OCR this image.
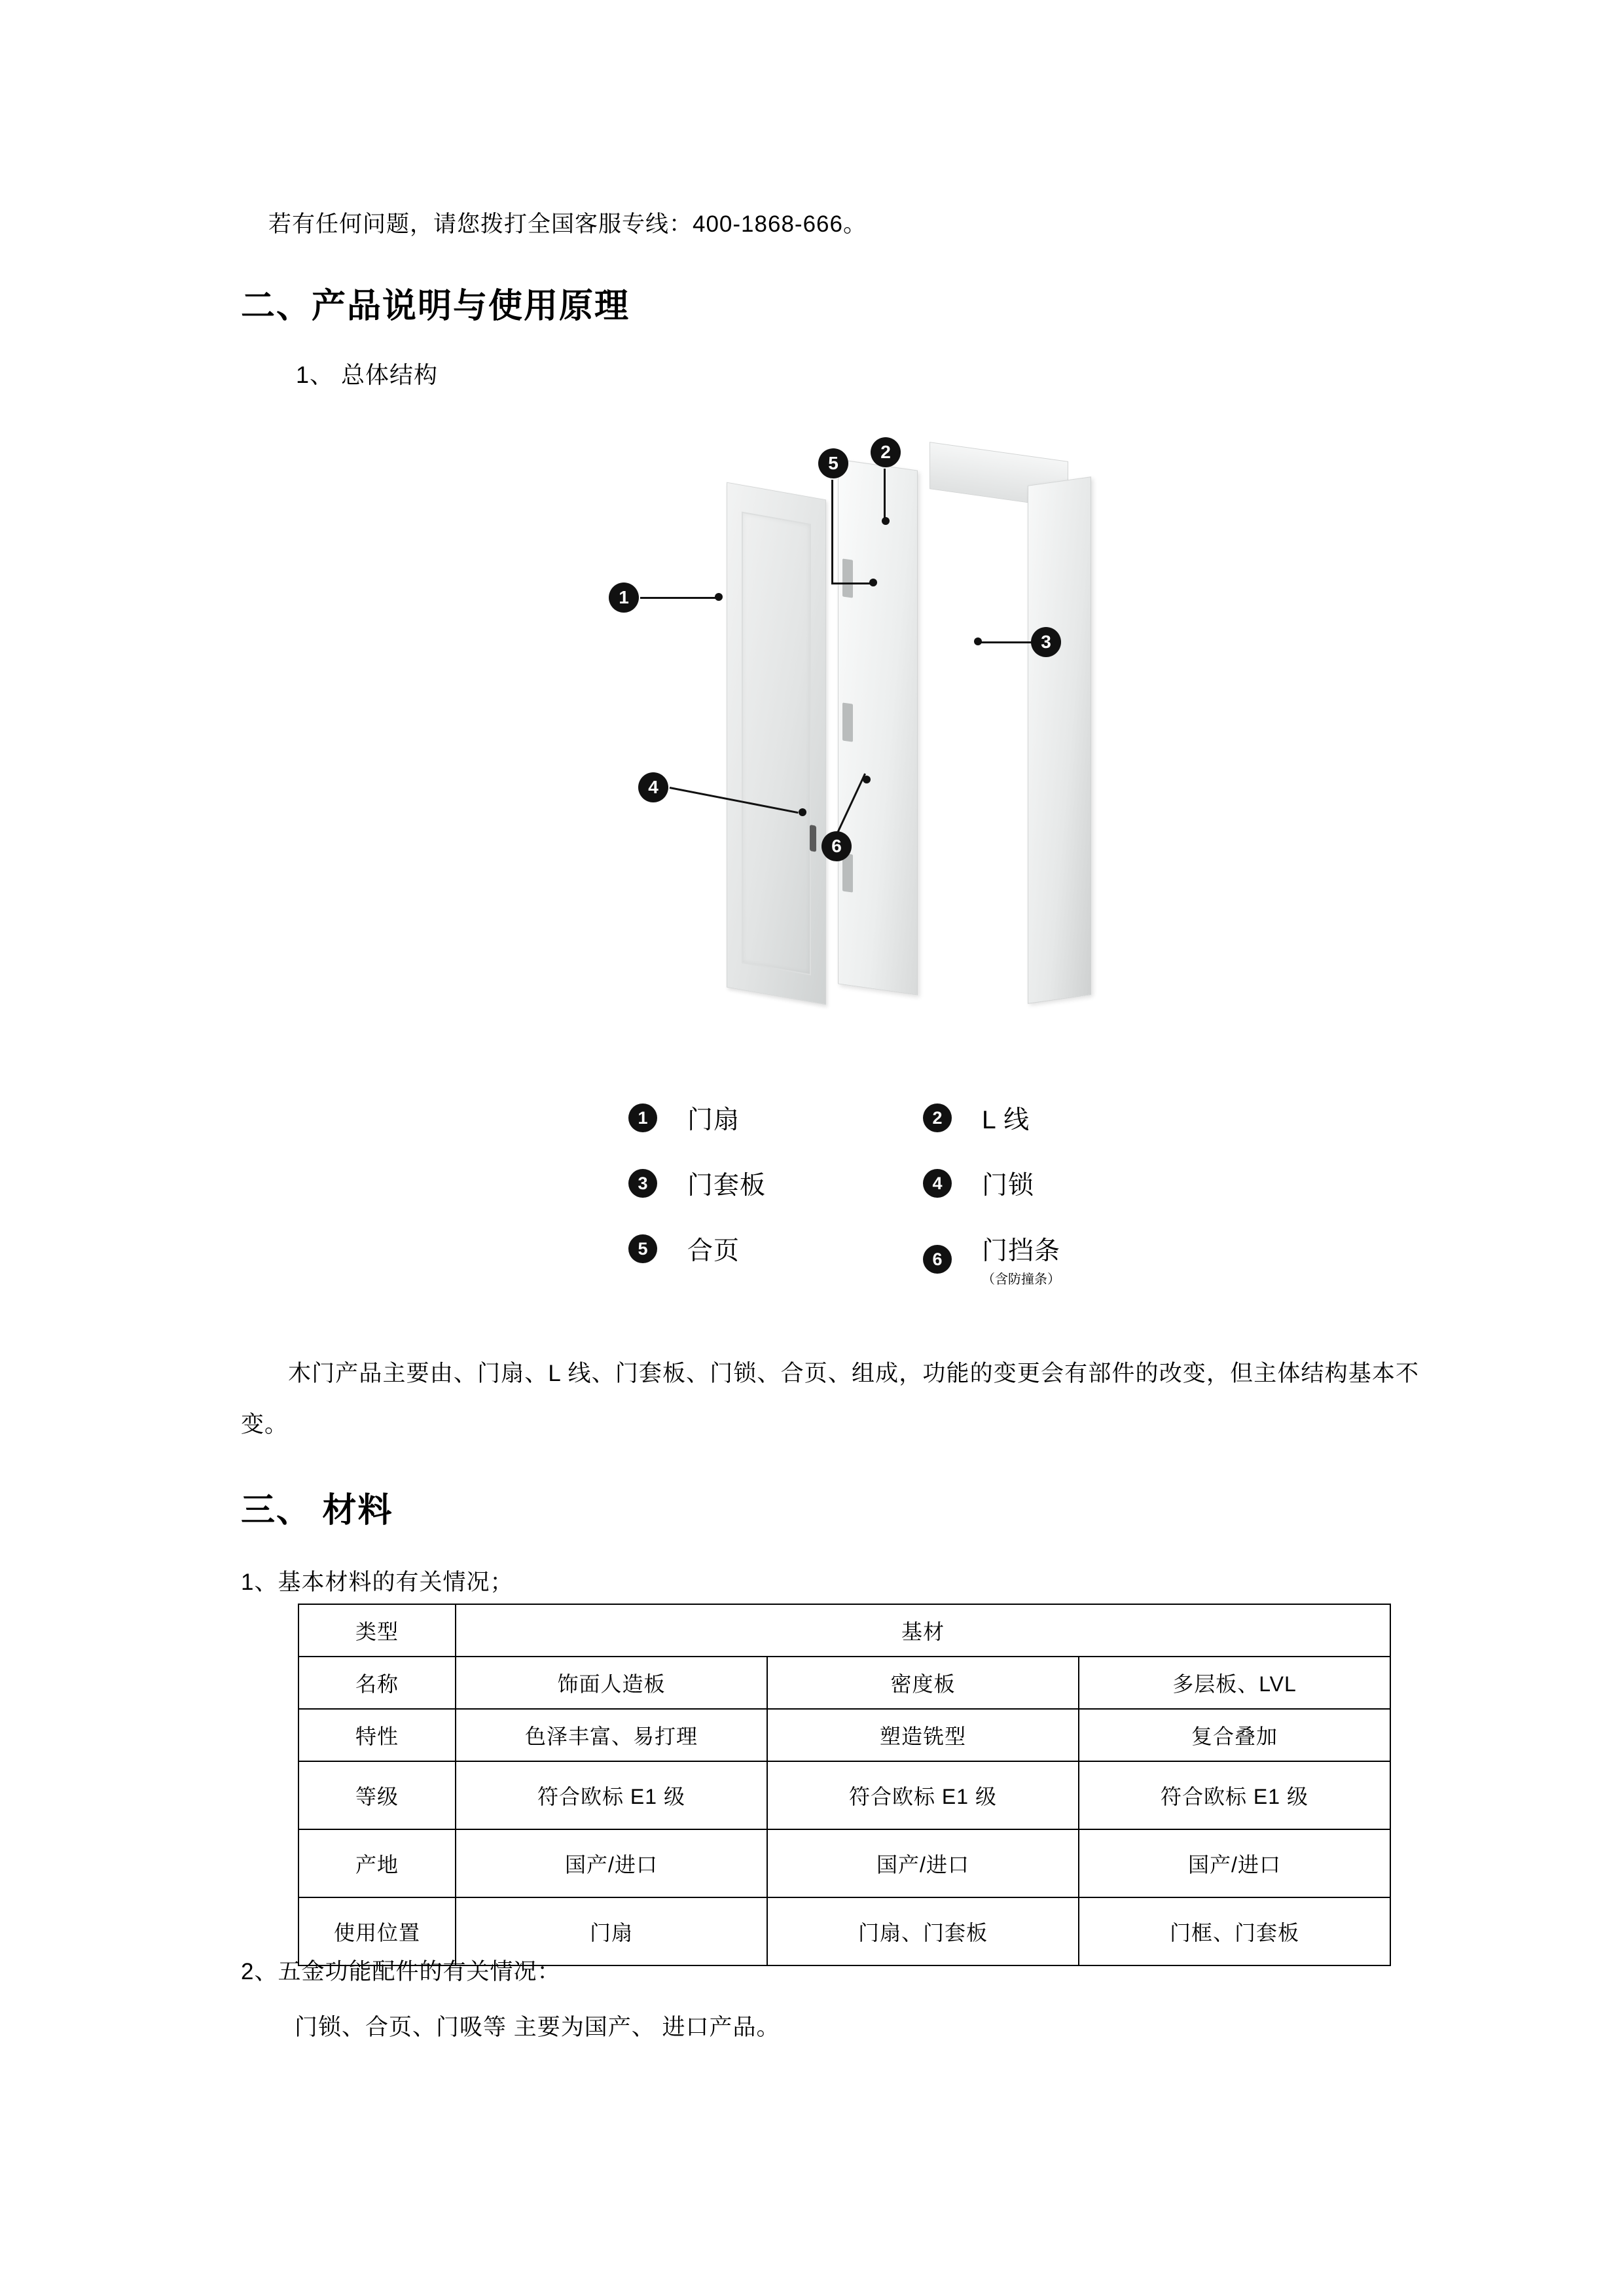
若有任何问题，请您拨打全国客服专线：400-1868-666。
二、产品说明与使用原理
1、 总体结构
1
2
3
4
5
6
1	门扇	2	L 线
3	门套板	4	门锁
5	合页	6	门挡条
（含防撞条）
木门产品主要由、门扇、L 线、门套板、门锁、合页、组成，功能的变更会有部件的改变，但主体结构基本不变。
三、 材料
1、基本材料的有关情况；
2、五金功能配件的有关情况：
门锁、合页、门吸等 主要为国产、 进口产品。
类型	基材		
名称	饰面人造板	密度板	多层板、LVL
特性	色泽丰富、易打理	塑造铣型	复合叠加
等级	符合欧标 E1 级	符合欧标 E1 级	符合欧标 E1 级
产地	国产/进口	国产/进口	国产/进口
使用位置	门扇	门扇、门套板	门框、门套板
